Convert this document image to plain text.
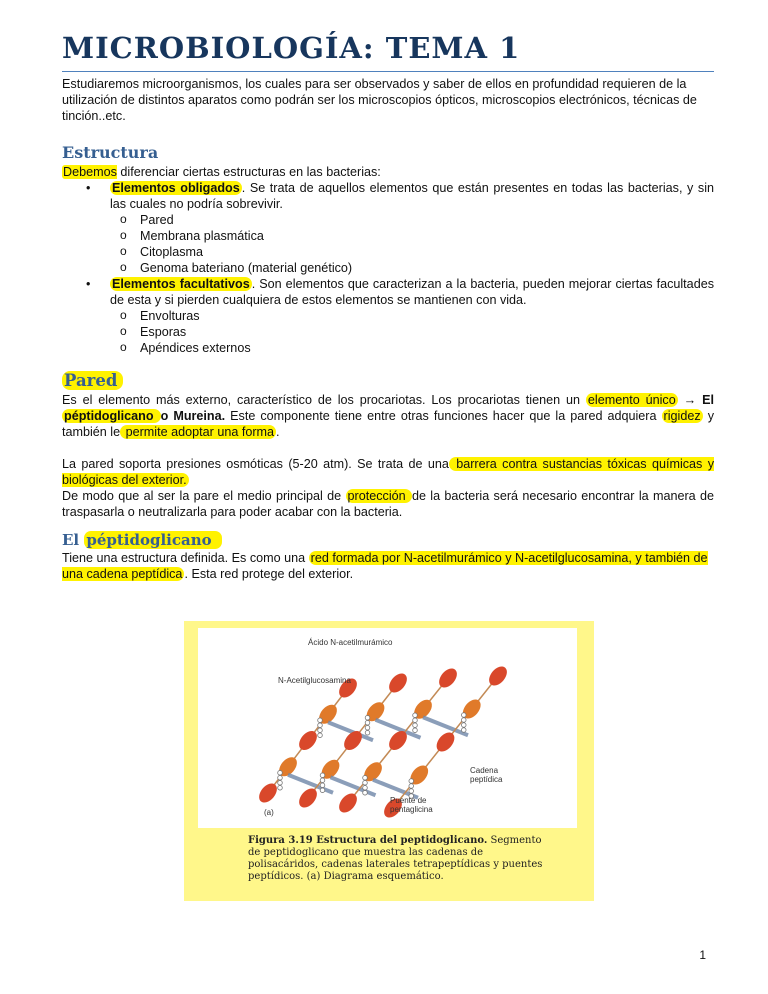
MICROBIOLOGÍA: TEMA 1

Estudiaremos microorganismos, los cuales para ser observados y saber de ellos en profundidad requieren de la utilización de distintos aparatos como podrán ser los microscopios ópticos, microscopios electrónicos, técnicas de tinción..etc.

Estructura

Debemos diferenciar ciertas estructuras en las bacterias:

• Elementos obligados . Se trata de aquellos elementos que están presentes en todas las bacterias, y sin las cuales no podría sobrevivir.
o Pared
o Membrana plasmática
o Citoplasma
o Genoma bateriano (material genético)
• Elementos facultativos . Son elementos que caracterizan a la bacteria, pueden mejorar ciertas facultades de esta y si pierden cualquiera de estos elementos se mantienen con vida.
o Envolturas
o Esporas
o Apéndices externos
Pared

Es el elemento más externo, característico de los procariotas. Los procariotas tienen un elemento único → El péptidoglicano o Mureina. Este componente tiene entre otras funciones hacer que la pared adquiera rigidez y también le permite adoptar una forma .

La pared soporta presiones osmóticas (5-20 atm). Se trata de una barrera contra sustancias tóxicas químicas y biológicas del exterior.

De modo que al ser la pare el medio principal de protección de la bacteria será necesario encontrar la manera de traspasarla o neutralizarla para poder acabar con la bacteria.

El péptidoglicano

Tiene una estructura definida. Es como una red formada por N-acetilmurámico y N-acetilglucosamina, y también de una cadena peptídica . Esta red protege del exterior.

Ácido N-acetilmurámico
N-Acetilglucosamina
Cadena peptídica
Puente de pentaglicina
(a)
Figura 3.19 Estructura del peptidoglicano. Segmento de peptidoglicano que muestra las cadenas de polisacáridos, cadenas laterales tetrapeptídicas y puentes peptídicos. (a) Diagrama esquemático.
1
